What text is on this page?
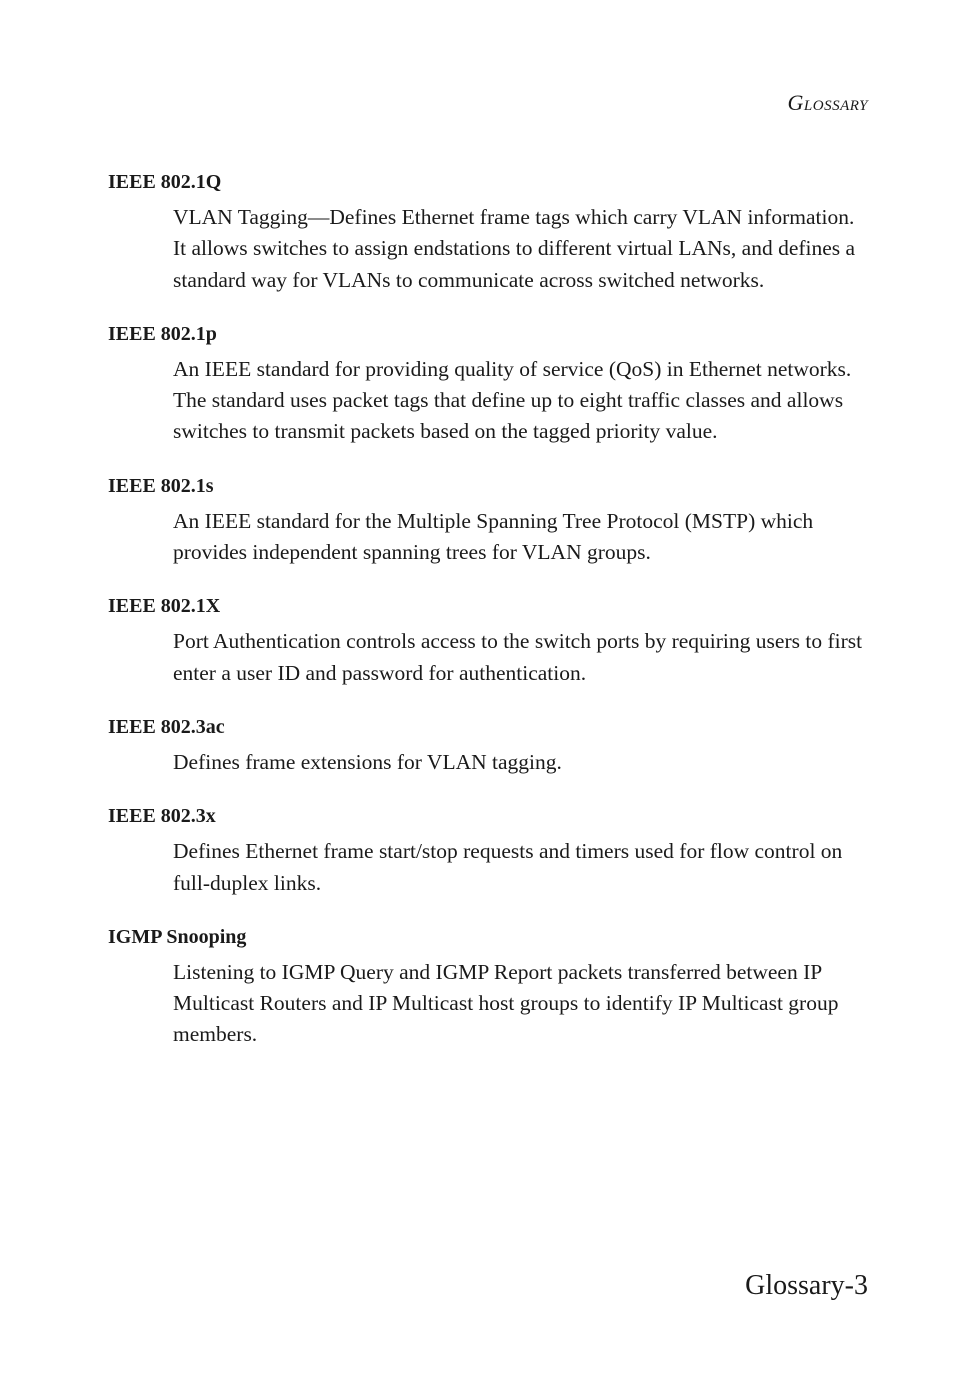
Glossary
IEEE 802.1Q
VLAN Tagging—Defines Ethernet frame tags which carry VLAN information. It allows switches to assign endstations to different virtual LANs, and defines a standard way for VLANs to communicate across switched networks.
IEEE 802.1p
An IEEE standard for providing quality of service (QoS) in Ethernet networks. The standard uses packet tags that define up to eight traffic classes and allows switches to transmit packets based on the tagged priority value.
IEEE 802.1s
An IEEE standard for the Multiple Spanning Tree Protocol (MSTP) which provides independent spanning trees for VLAN groups.
IEEE 802.1X
Port Authentication controls access to the switch ports by requiring users to first enter a user ID and password for authentication.
IEEE 802.3ac
Defines frame extensions for VLAN tagging.
IEEE 802.3x
Defines Ethernet frame start/stop requests and timers used for flow control on full-duplex links.
IGMP Snooping
Listening to IGMP Query and IGMP Report packets transferred between IP Multicast Routers and IP Multicast host groups to identify IP Multicast group members.
Glossary-3
